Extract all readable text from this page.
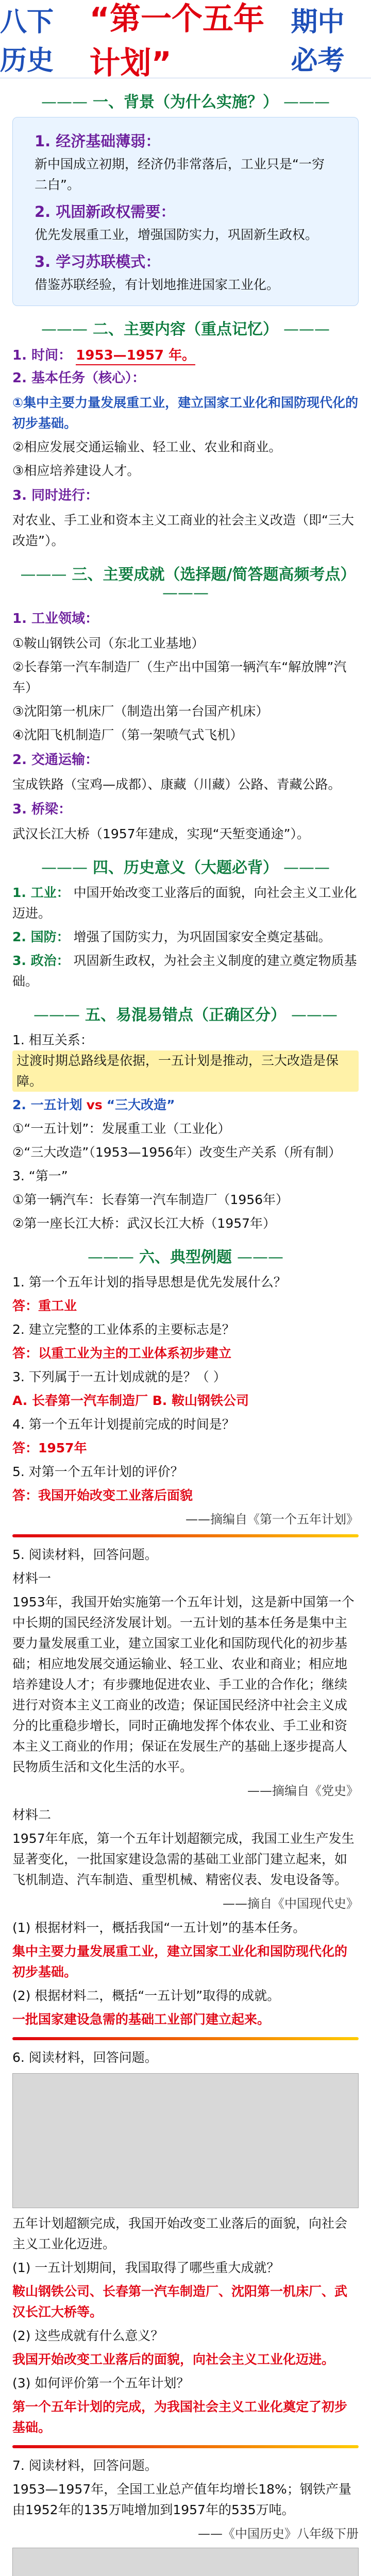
八下历史
“第一个五年计划”
期中必考
——— 一、背景（为什么实施？） ———
1. 经济基础薄弱：
新中国成立初期，经济仍非常落后，工业只是“一穷二白”。
2. 巩固新政权需要：
优先发展重工业，增强国防实力，巩固新生政权。
3. 学习苏联模式：
借鉴苏联经验，有计划地推进国家工业化。
——— 二、主要内容（重点记忆） ———
1. 时间： 1953—1957 年。
2. 基本任务（核心）：
①集中主要力量发展重工业，建立国家工业化和国防现代化的初步基础。
②相应发展交通运输业、轻工业、农业和商业。
③相应培养建设人才。
3. 同时进行：
对农业、手工业和资本主义工商业的社会主义改造（即“三大改造”）。
——— 三、主要成就（选择题/简答题高频考点） ———
1. 工业领域：
①鞍山钢铁公司（东北工业基地）
②长春第一汽车制造厂（生产出中国第一辆汽车“解放牌”汽车）
③沈阳第一机床厂（制造出第一台国产机床）
④沈阳飞机制造厂（第一架喷气式飞机）
2. 交通运输：
宝成铁路（宝鸡—成都）、康藏（川藏）公路、青藏公路。
3. 桥梁：
武汉长江大桥（1957年建成，实现“天堑变通途”）。
——— 四、历史意义（大题必背） ———
1. 工业： 中国开始改变工业落后的面貌，向社会主义工业化迈进。
2. 国防： 增强了国防实力，为巩固国家安全奠定基础。
3. 政治： 巩固新生政权，为社会主义制度的建立奠定物质基础。
——— 五、易混易错点（正确区分） ———
1. 相互关系： 过渡时期总路线是依据，一五计划是推动，三大改造是保障。
2. 一五计划 vs “三大改造”
①“一五计划”：发展重工业（工业化）
②“三大改造”（1953—1956年）改变生产关系（所有制）
3. “第一”
①第一辆汽车：长春第一汽车制造厂（1956年）
②第一座长江大桥：武汉长江大桥（1957年）
——— 六、典型例题 ———
1. 第一个五年计划的指导思想是优先发展什么？
答：重工业
2. 建立完整的工业体系的主要标志是？
答：以重工业为主的工业体系初步建立
3. 下列属于一五计划成就的是？（ ）
A. 长春第一汽车制造厂 B. 鞍山钢铁公司
4. 第一个五年计划提前完成的时间是？
答：1957年
5. 对第一个五年计划的评价？
答：我国开始改变工业落后面貌
——摘编自《第一个五年计划》
5. 阅读材料，回答问题。
材料一
1953年，我国开始实施第一个五年计划，这是新中国第一个中长期的国民经济发展计划。一五计划的基本任务是集中主要力量发展重工业，建立国家工业化和国防现代化的初步基础；相应地发展交通运输业、轻工业、农业和商业；相应地培养建设人才；有步骤地促进农业、手工业的合作化；继续进行对资本主义工商业的改造；保证国民经济中社会主义成分的比重稳步增长，同时正确地发挥个体农业、手工业和资本主义工商业的作用；保证在发展生产的基础上逐步提高人民物质生活和文化生活的水平。
——摘编自《党史》
材料二
1957年年底，第一个五年计划超额完成，我国工业生产发生显著变化，一批国家建设急需的基础工业部门建立起来，如飞机制造、汽车制造、重型机械、精密仪表、发电设备等。
——摘自《中国现代史》
(1) 根据材料一，概括我国“一五计划”的基本任务。
集中主要力量发展重工业，建立国家工业化和国防现代化的初步基础。
(2) 根据材料二，概括“一五计划”取得的成就。
一批国家建设急需的基础工业部门建立起来。
6. 阅读材料，回答问题。
五年计划超额完成，我国开始改变工业落后的面貌，向社会主义工业化迈进。
(1) 一五计划期间，我国取得了哪些重大成就？
鞍山钢铁公司、长春第一汽车制造厂、沈阳第一机床厂、武汉长江大桥等。
(2) 这些成就有什么意义？
我国开始改变工业落后的面貌，向社会主义工业化迈进。
(3) 如何评价第一个五年计划？
第一个五年计划的完成，为我国社会主义工业化奠定了初步基础。
7. 阅读材料，回答问题。
1953—1957年，全国工业总产值年均增长18%；钢铁产量由1952年的135万吨增加到1957年的535万吨。
——《中国历史》八年级下册
